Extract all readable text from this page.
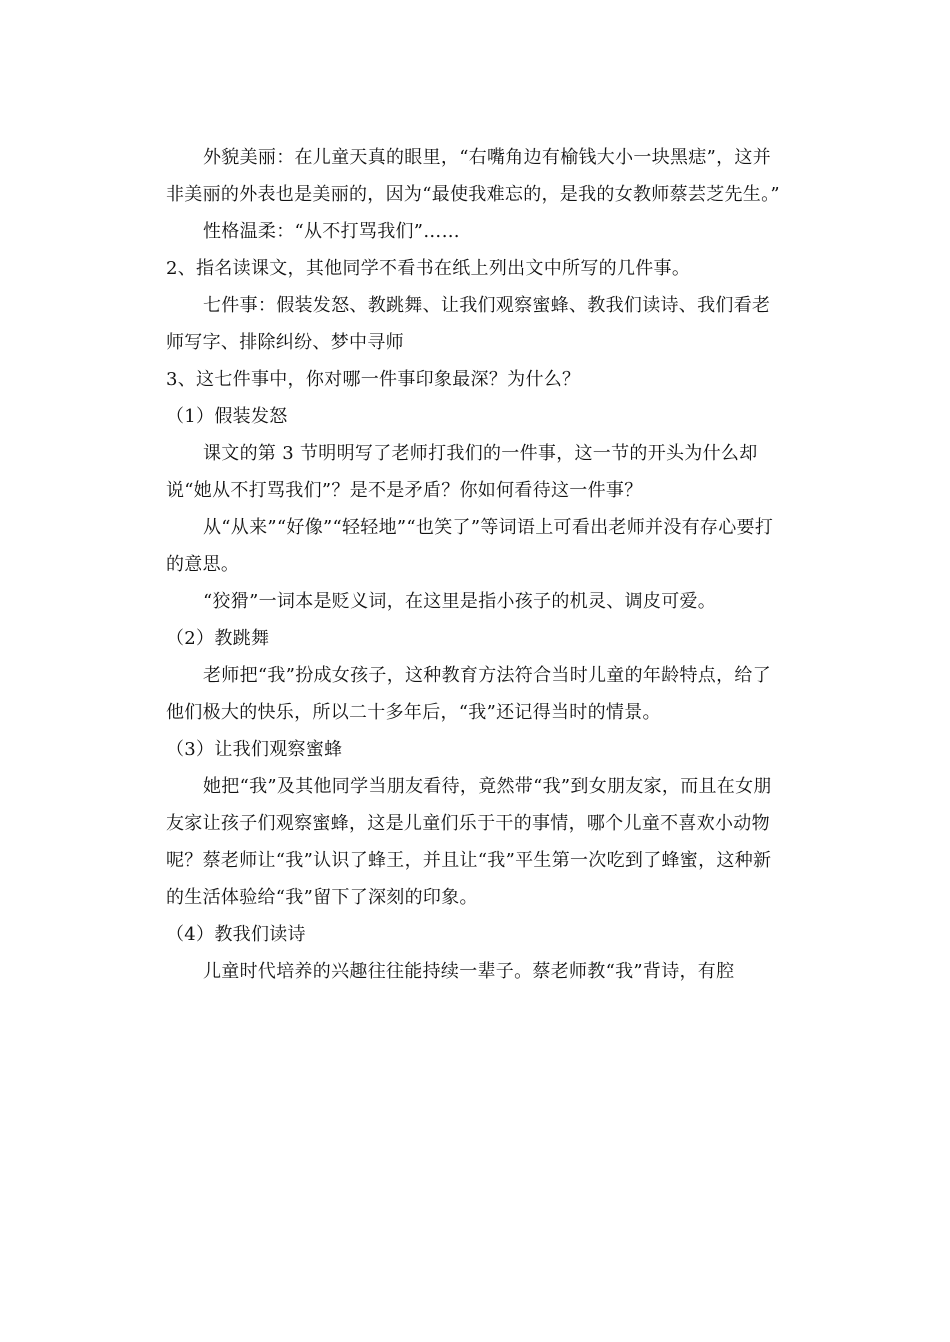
外貌美丽：在儿童天真的眼里，“右嘴角边有榆钱大小一块黑痣”，这并非美丽的外表也是美丽的，因为“最使我难忘的，是我的女教师蔡芸芝先生。”

性格温柔：“从不打骂我们”……

2、指名读课文，其他同学不看书在纸上列出文中所写的几件事。

七件事：假装发怒、教跳舞、让我们观察蜜蜂、教我们读诗、我们看老师写字、排除纠纷、梦中寻师

3、这七件事中，你对哪一件事印象最深？为什么？

（1）假装发怒

课文的第 3 节明明写了老师打我们的一件事，这一节的开头为什么却说“她从不打骂我们”？是不是矛盾？你如何看待这一件事？

从“从来”“好像”“轻轻地”“也笑了”等词语上可看出老师并没有存心要打的意思。

“狡猾”一词本是贬义词，在这里是指小孩子的机灵、调皮可爱。

（2）教跳舞

老师把“我”扮成女孩子，这种教育方法符合当时儿童的年龄特点，给了他们极大的快乐，所以二十多年后，“我”还记得当时的情景。

（3）让我们观察蜜蜂

她把“我”及其他同学当朋友看待，竟然带“我”到女朋友家，而且在女朋友家让孩子们观察蜜蜂，这是儿童们乐于干的事情，哪个儿童不喜欢小动物呢？蔡老师让“我”认识了蜂王，并且让“我”平生第一次吃到了蜂蜜，这种新的生活体验给“我”留下了深刻的印象。

（4）教我们读诗

儿童时代培养的兴趣往往能持续一辈子。蔡老师教“我”背诗，有腔
